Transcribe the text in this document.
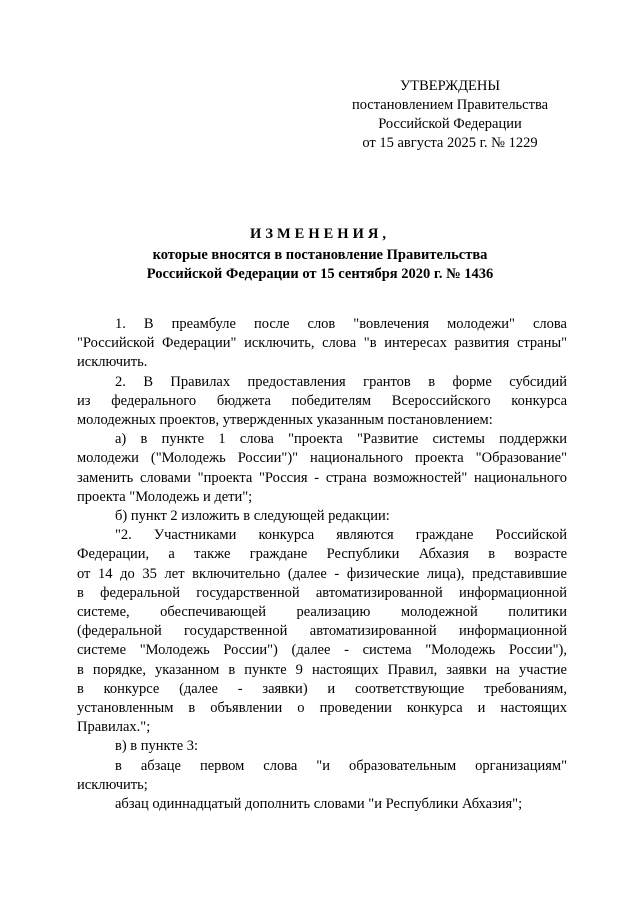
УТВЕРЖДЕНЫ
постановлением Правительства
Российской Федерации
от 15 августа 2025 г. № 1229
ИЗМЕНЕНИЯ,
которые вносятся в постановление Правительства
Российской Федерации от 15 сентября 2020 г. № 1436
1. В преамбуле после слов "вовлечения молодежи" слова
"Российской Федерации" исключить, слова "в интересах развития страны"
исключить.
2. В Правилах предоставления грантов в форме субсидий
из федерального бюджета победителям Всероссийского конкурса
молодежных проектов, утвержденных указанным постановлением:
а) в пункте 1 слова "проекта "Развитие системы поддержки
молодежи ("Молодежь России")" национального проекта "Образование"
заменить словами "проекта "Россия - страна возможностей" национального
проекта "Молодежь и дети";
б) пункт 2 изложить в следующей редакции:
"2. Участниками конкурса являются граждане Российской
Федерации, а также граждане Республики Абхазия в возрасте
от 14 до 35 лет включительно (далее - физические лица), представившие
в федеральной государственной автоматизированной информационной
системе, обеспечивающей реализацию молодежной политики
(федеральной государственной автоматизированной информационной
системе "Молодежь России") (далее - система "Молодежь России"),
в порядке, указанном в пункте 9 настоящих Правил, заявки на участие
в конкурсе (далее - заявки) и соответствующие требованиям,
установленным в объявлении о проведении конкурса и настоящих
Правилах.";
в) в пункте 3:
в абзаце первом слова "и образовательным организациям"
исключить;
абзац одиннадцатый дополнить словами "и Республики Абхазия";
